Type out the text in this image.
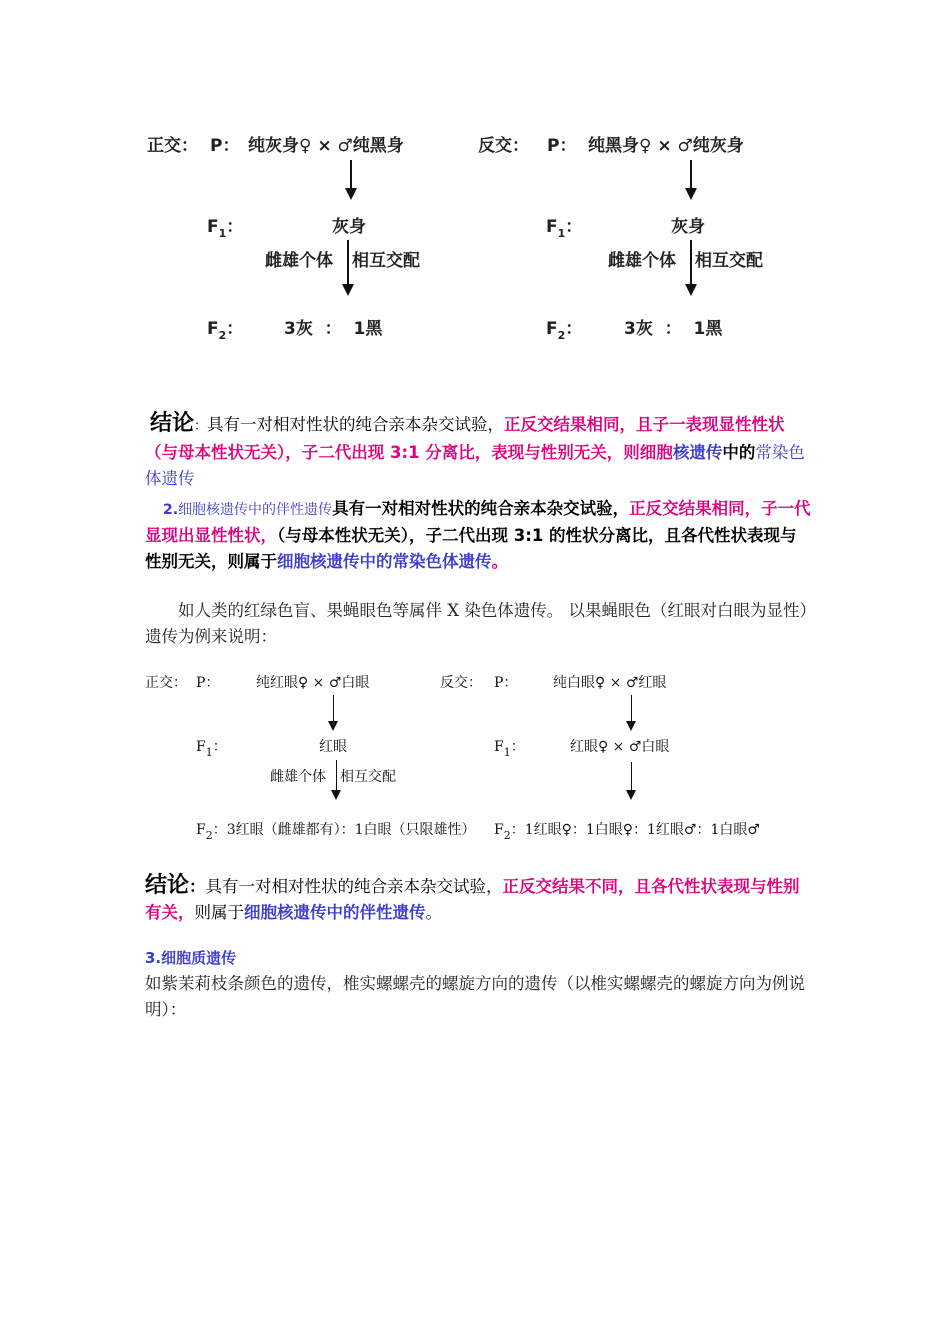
正交： P： 纯灰身♀ × ♂纯黑身
$F_1$：	灰身
雌雄个体 相互交配
$F_2$： 3灰  ：  1黑
反交： P： 纯黑身♀ × ♂纯灰身
$F_1$：	灰身
雌雄个体 相互交配
$F_2$： 3灰  ：  1黑
结论：具有一对相对性状的纯合亲本杂交试验，正反交结果相同，且子一表现显性性状（与母本性状无关），子二代出现 3:1 分离比，表现与性别无关，则细胞核遗传中的常染色体遗传
2.细胞核遗传中的伴性遗传具有一对相对性状的纯合亲本杂交试验，正反交结果相同，子一代显现出显性性状，（与母本性状无关），子二代出现 3:1 的性状分离比，且各代性状表现与性别无关，则属于细胞核遗传中的常染色体遗传。
如人类的红绿色盲、果蝇眼色等属伴 X 染色体遗传。 以果蝇眼色（红眼对白眼为显性）遗传为例来说明：
正交： P：	纯红眼♀ × ♂白眼
$F_1$：	红眼
雌雄个体 相互交配
$F_2$：3红眼（雌雄都有）：1白眼（只限雄性）
反交： P：	纯白眼♀ × ♂红眼
$F_1$：	红眼♀ × ♂白眼
$F_2$：1红眼♀：1白眼♀：1红眼♂：1白眼♂
结论：具有一对相对性状的纯合亲本杂交试验，正反交结果不同，且各代性状表现与性别有关，则属于细胞核遗传中的伴性遗传。
3.细胞质遗传
如紫茉莉枝条颜色的遗传，椎实螺螺壳的螺旋方向的遗传（以椎实螺螺壳的螺旋方向为例说明）：
